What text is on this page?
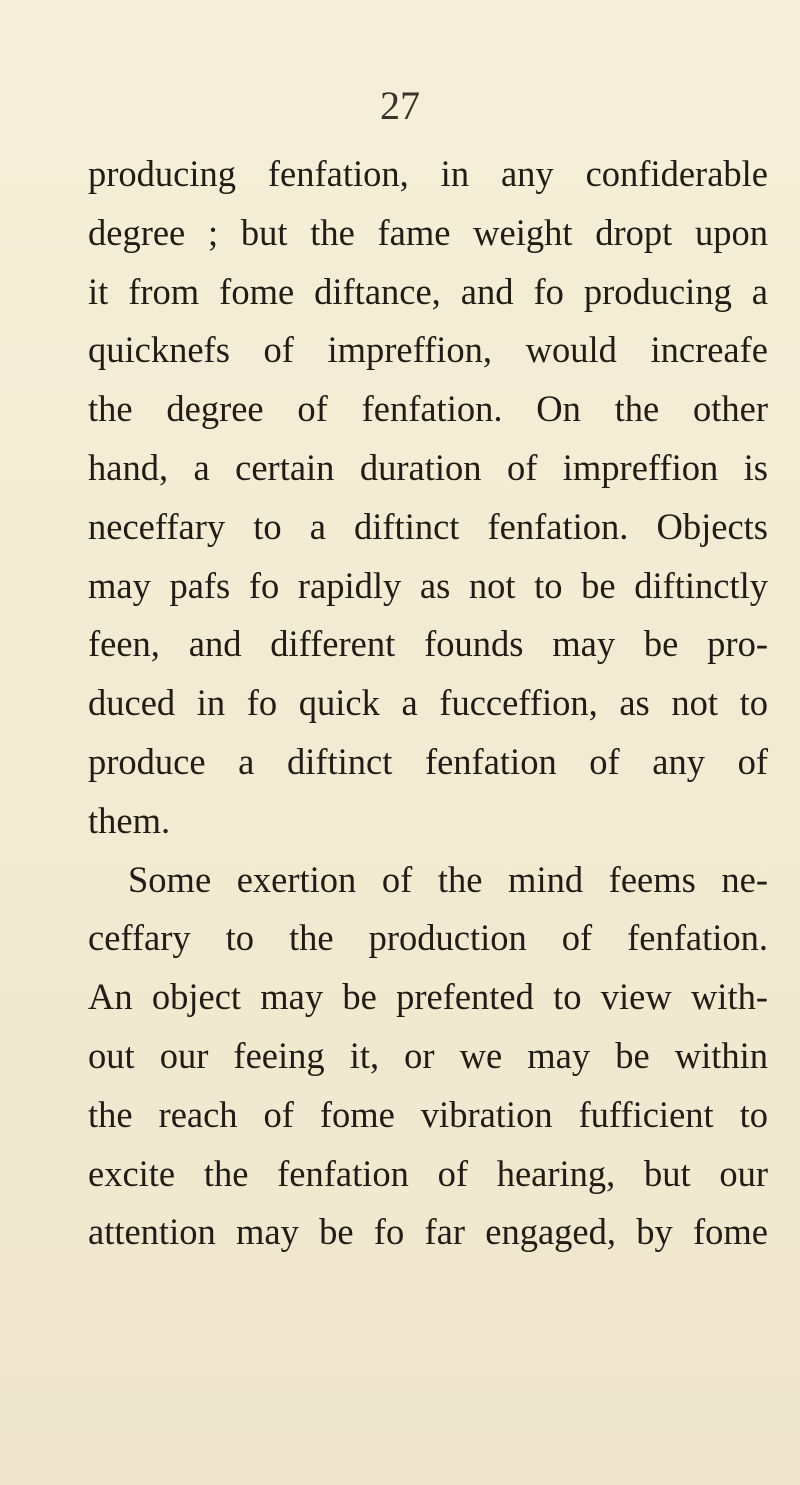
27
producing fenfation, in any confiderable
degree ; but the fame weight dropt upon
it from fome diftance, and fo producing a
quicknefs of impreffion, would increafe
the degree of fenfation. On the other
hand, a certain duration of impreffion is
neceffary to a diftinct fenfation. Objects
may pafs fo rapidly as not to be diftinctly
feen, and different founds may be pro-
duced in fo quick a fucceffion, as not to
produce a diftinct fenfation of any of
them.
Some exertion of the mind feems ne-
ceffary to the production of fenfation.
An object may be prefented to view with-
out our feeing it, or we may be within
the reach of fome vibration fufficient to
excite the fenfation of hearing, but our
attention may be fo far engaged, by fome
